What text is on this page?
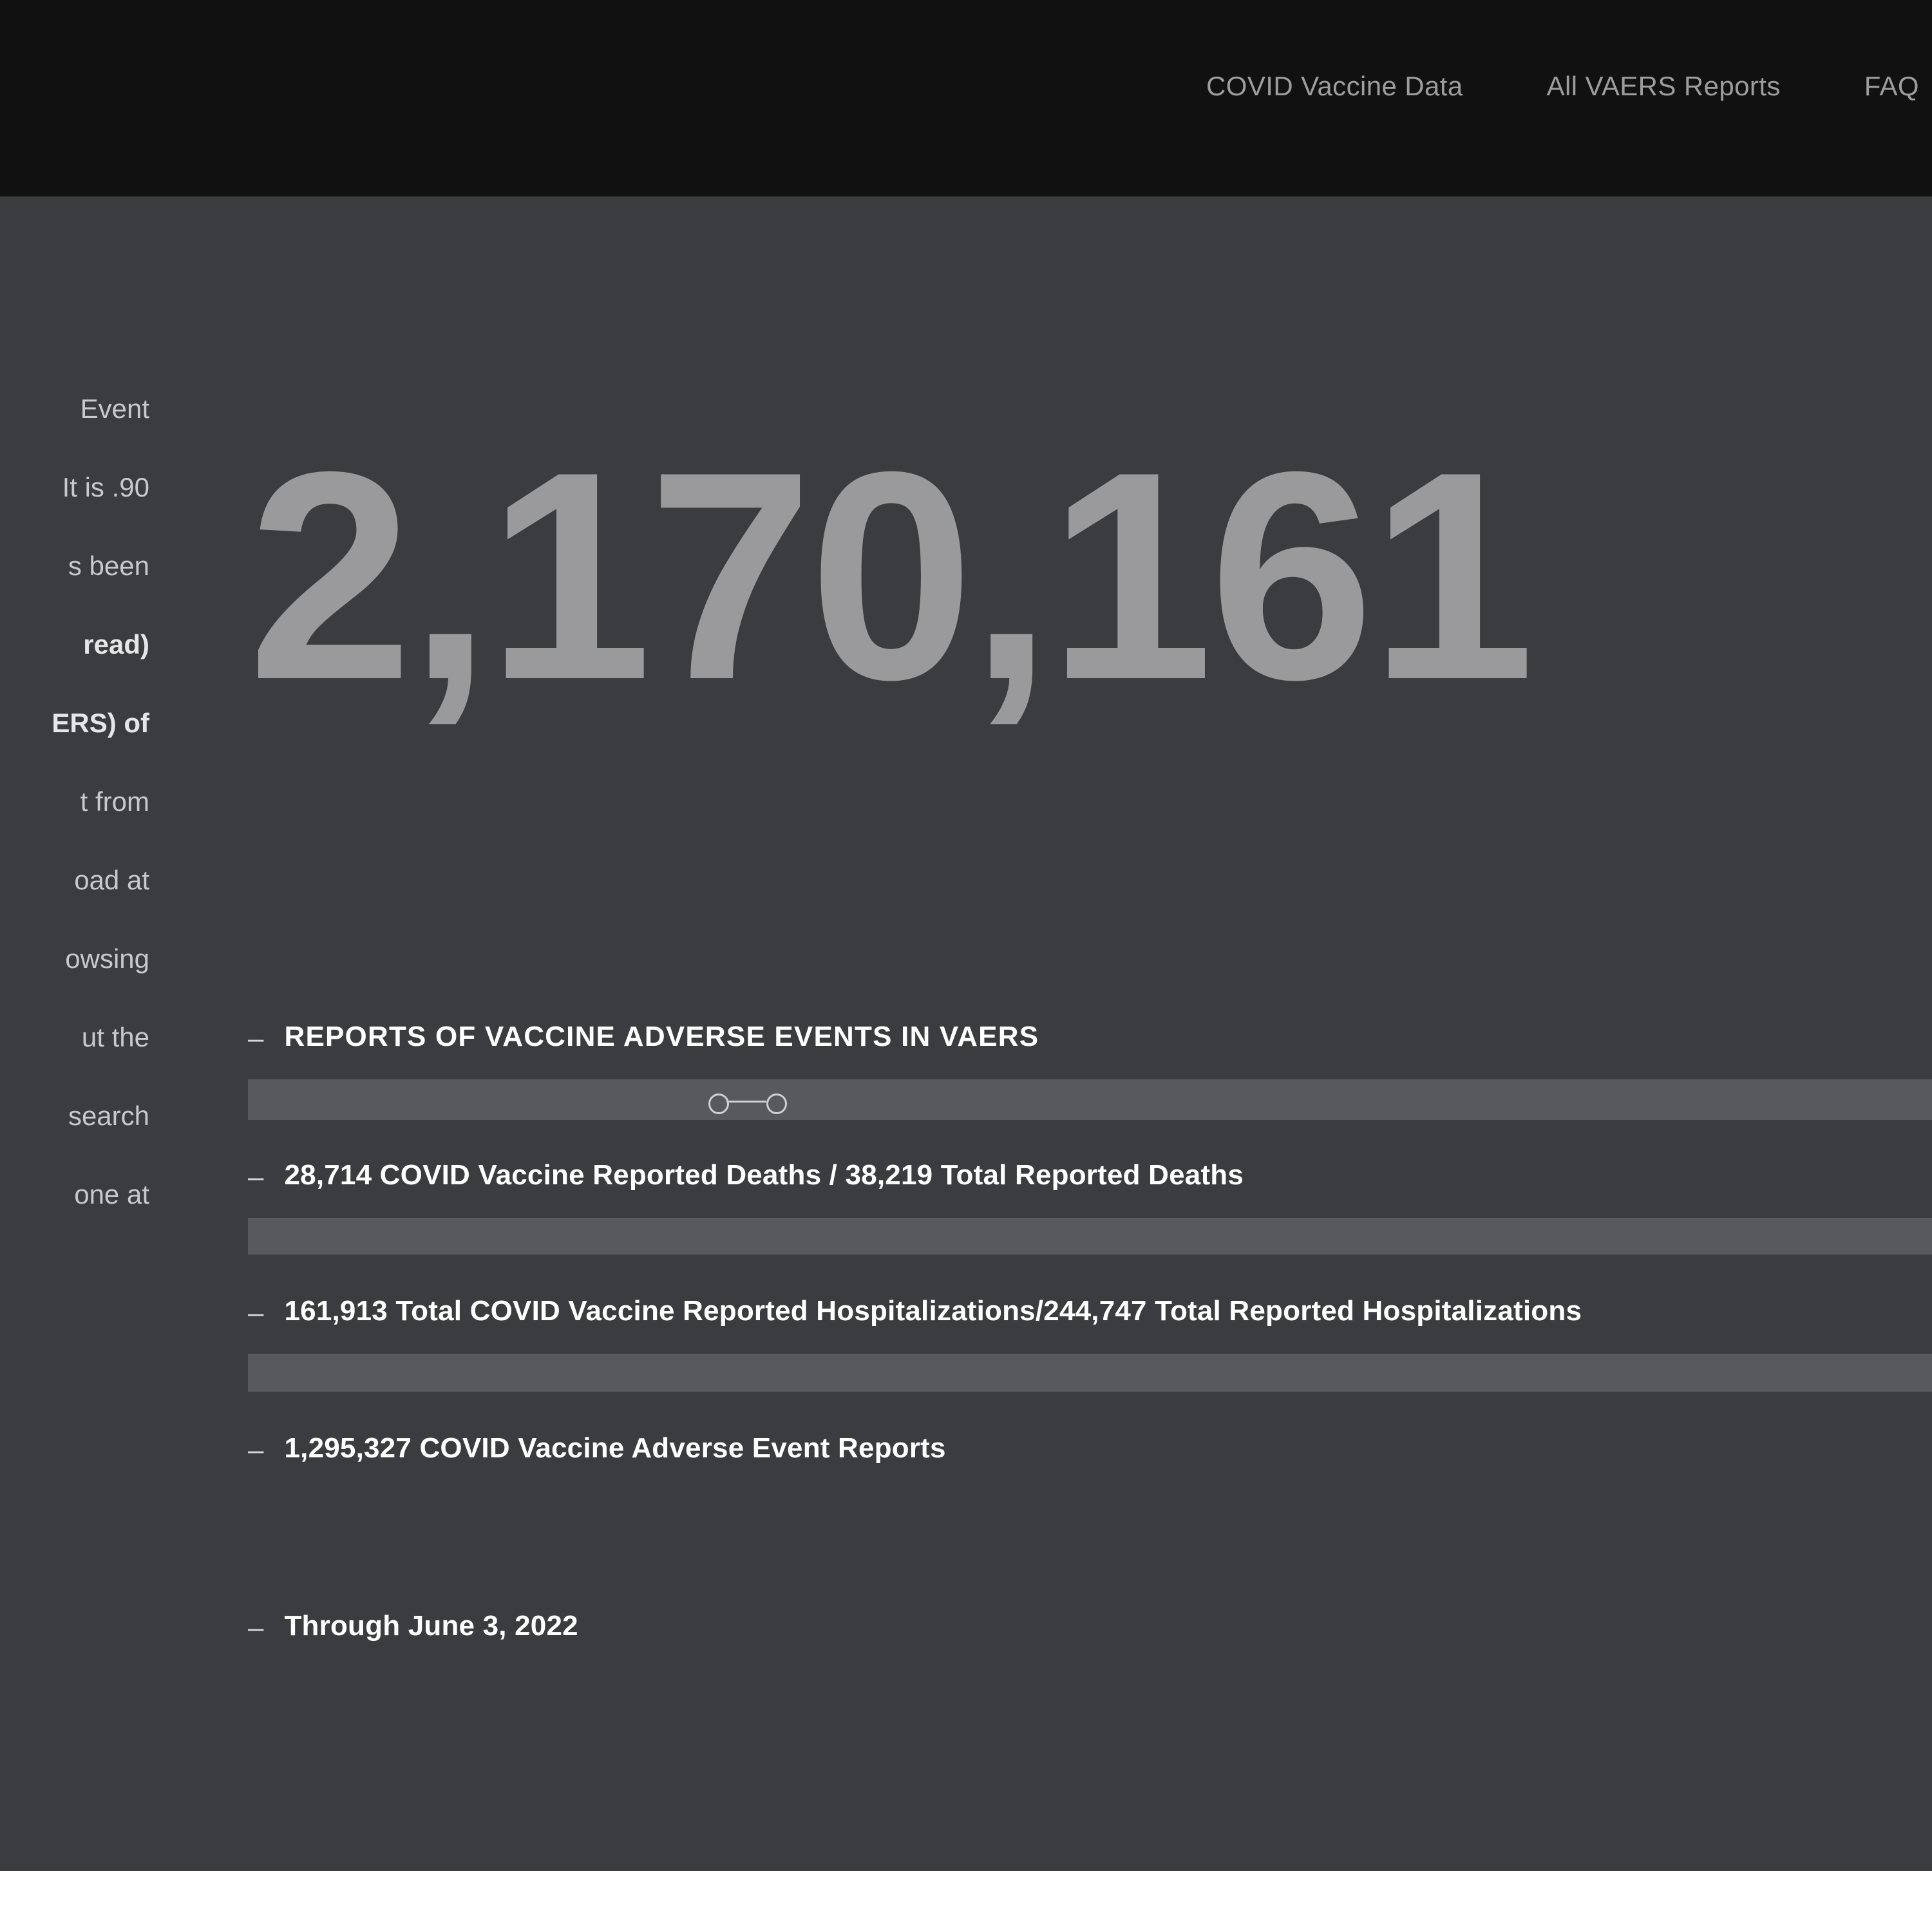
COVID Vaccine Data	All VAERS Reports	FAQ

Event

90. It is

s been

(read

ERS) of

t from

oad at

owsing

ut the

search

one at

2,170,161
– REPORTS OF VACCINE ADVERSE EVENTS IN VAERS
– 28,714 COVID Vaccine Reported Deaths / 38,219 Total Reported Deaths
– 161,913 Total COVID Vaccine Reported Hospitalizations/244,747 Total Reported Hospitalizations
– 1,295,327 COVID Vaccine Adverse Event Reports
– Through June 3, 2022
